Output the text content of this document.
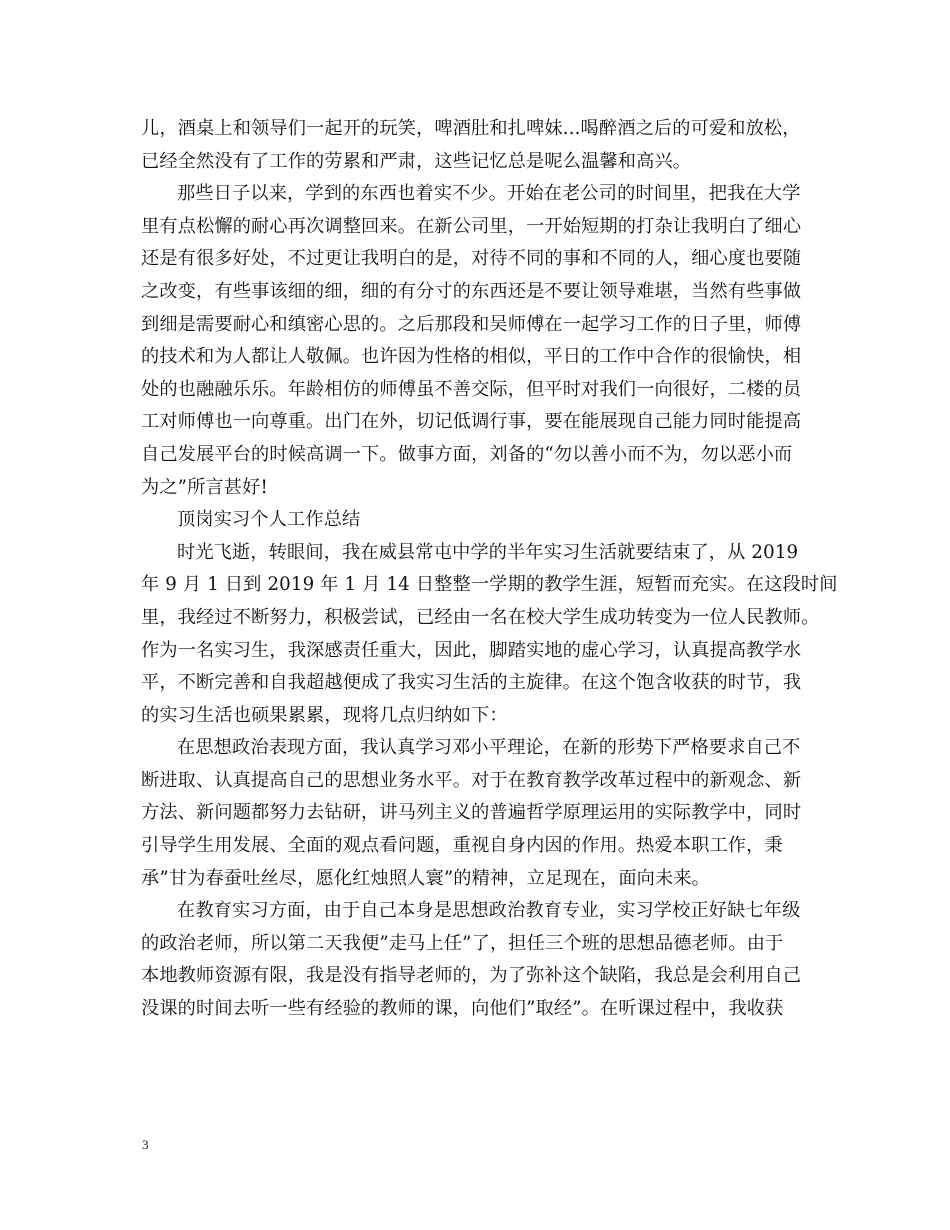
儿，酒桌上和领导们一起开的玩笑，啤酒肚和扎啤妹...喝醉酒之后的可爱和放松，
已经全然没有了工作的劳累和严肃，这些记忆总是呢么温馨和高兴。
那些日子以来，学到的东西也着实不少。开始在老公司的时间里，把我在大学
里有点松懈的耐心再次调整回来。在新公司里，一开始短期的打杂让我明白了细心
还是有很多好处，不过更让我明白的是，对待不同的事和不同的人，细心度也要随
之改变，有些事该细的细，细的有分寸的东西还是不要让领导难堪，当然有些事做
到细是需要耐心和缜密心思的。之后那段和吴师傅在一起学习工作的日子里，师傅
的技术和为人都让人敬佩。也许因为性格的相似，平日的工作中合作的很愉快，相
处的也融融乐乐。年龄相仿的师傅虽不善交际，但平时对我们一向很好，二楼的员
工对师傅也一向尊重。出门在外，切记低调行事，要在能展现自己能力同时能提高
自己发展平台的时候高调一下。做事方面，刘备的“勿以善小而不为，勿以恶小而
为之”所言甚好!
顶岗实习个人工作总结
时光飞逝，转眼间，我在威县常屯中学的半年实习生活就要结束了，从 2019
年 9 月 1 日到 2019 年 1 月 14 日整整一学期的教学生涯，短暂而充实。在这段时间
里，我经过不断努力，积极尝试，已经由一名在校大学生成功转变为一位人民教师。
作为一名实习生，我深感责任重大，因此，脚踏实地的虚心学习，认真提高教学水
平，不断完善和自我超越便成了我实习生活的主旋律。在这个饱含收获的时节，我
的实习生活也硕果累累，现将几点归纳如下：
在思想政治表现方面，我认真学习邓小平理论，在新的形势下严格要求自己不
断进取、认真提高自己的思想业务水平。对于在教育教学改革过程中的新观念、新
方法、新问题都努力去钻研，讲马列主义的普遍哲学原理运用的实际教学中，同时
引导学生用发展、全面的观点看问题，重视自身内因的作用。热爱本职工作，秉
承”甘为春蚕吐丝尽，愿化红烛照人寰”的精神，立足现在，面向未来。
在教育实习方面，由于自己本身是思想政治教育专业，实习学校正好缺七年级
的政治老师，所以第二天我便”走马上任”了，担任三个班的思想品德老师。由于
本地教师资源有限，我是没有指导老师的，为了弥补这个缺陷，我总是会利用自己
没课的时间去听一些有经验的教师的课，向他们”取经”。在听课过程中，我收获
3
